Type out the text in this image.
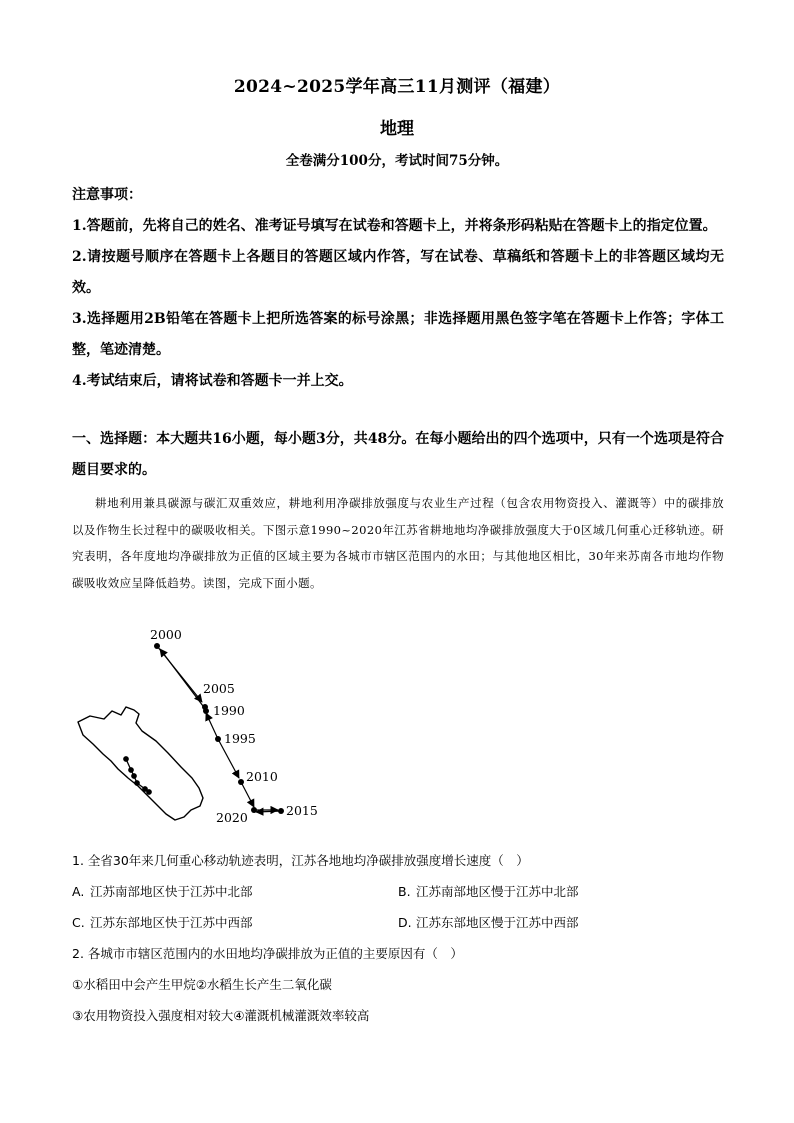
2024~2025学年高三11月测评（福建）
地理
全卷满分100分，考试时间75分钟。

注意事项：

1.答题前，先将自己的姓名、准考证号填写在试卷和答题卡上，并将条形码粘贴在答题卡上的指定位置。

2.请按题号顺序在答题卡上各题目的答题区域内作答，写在试卷、草稿纸和答题卡上的非答题区域均无效。

3.选择题用2B铅笔在答题卡上把所选答案的标号涂黑；非选择题用黑色签字笔在答题卡上作答；字体工整，笔迹清楚。

4.考试结束后，请将试卷和答题卡一并上交。

一、选择题：本大题共16小题，每小题3分，共48分。在每小题给出的四个选项中，只有一个选项是符合题目要求的。
耕地利用兼具碳源与碳汇双重效应，耕地利用净碳排放强度与农业生产过程（包含农用物资投入、灌溉等）中的碳排放以及作物生长过程中的碳吸收相关。下图示意1990~2020年江苏省耕地地均净碳排放强度大于0区域几何重心迁移轨迹。研究表明，各年度地均净碳排放为正值的区域主要为各城市市辖区范围内的水田；与其他地区相比，30年来苏南各市地均作物碳吸收效应呈降低趋势。读图，完成下面小题。
2000
2005
1990
1995
2010
2015
2020
1. 全省30年来几何重心移动轨迹表明，江苏各地地均净碳排放强度增长速度（　）
A. 江苏南部地区快于江苏中北部	B. 江苏南部地区慢于江苏中北部
C. 江苏东部地区快于江苏中西部	D. 江苏东部地区慢于江苏中西部
2. 各城市市辖区范围内的水田地均净碳排放为正值的主要原因有（　）
①水稻田中会产生甲烷②水稻生长产生二氧化碳
③农用物资投入强度相对较大④灌溉机械灌溉效率较高
